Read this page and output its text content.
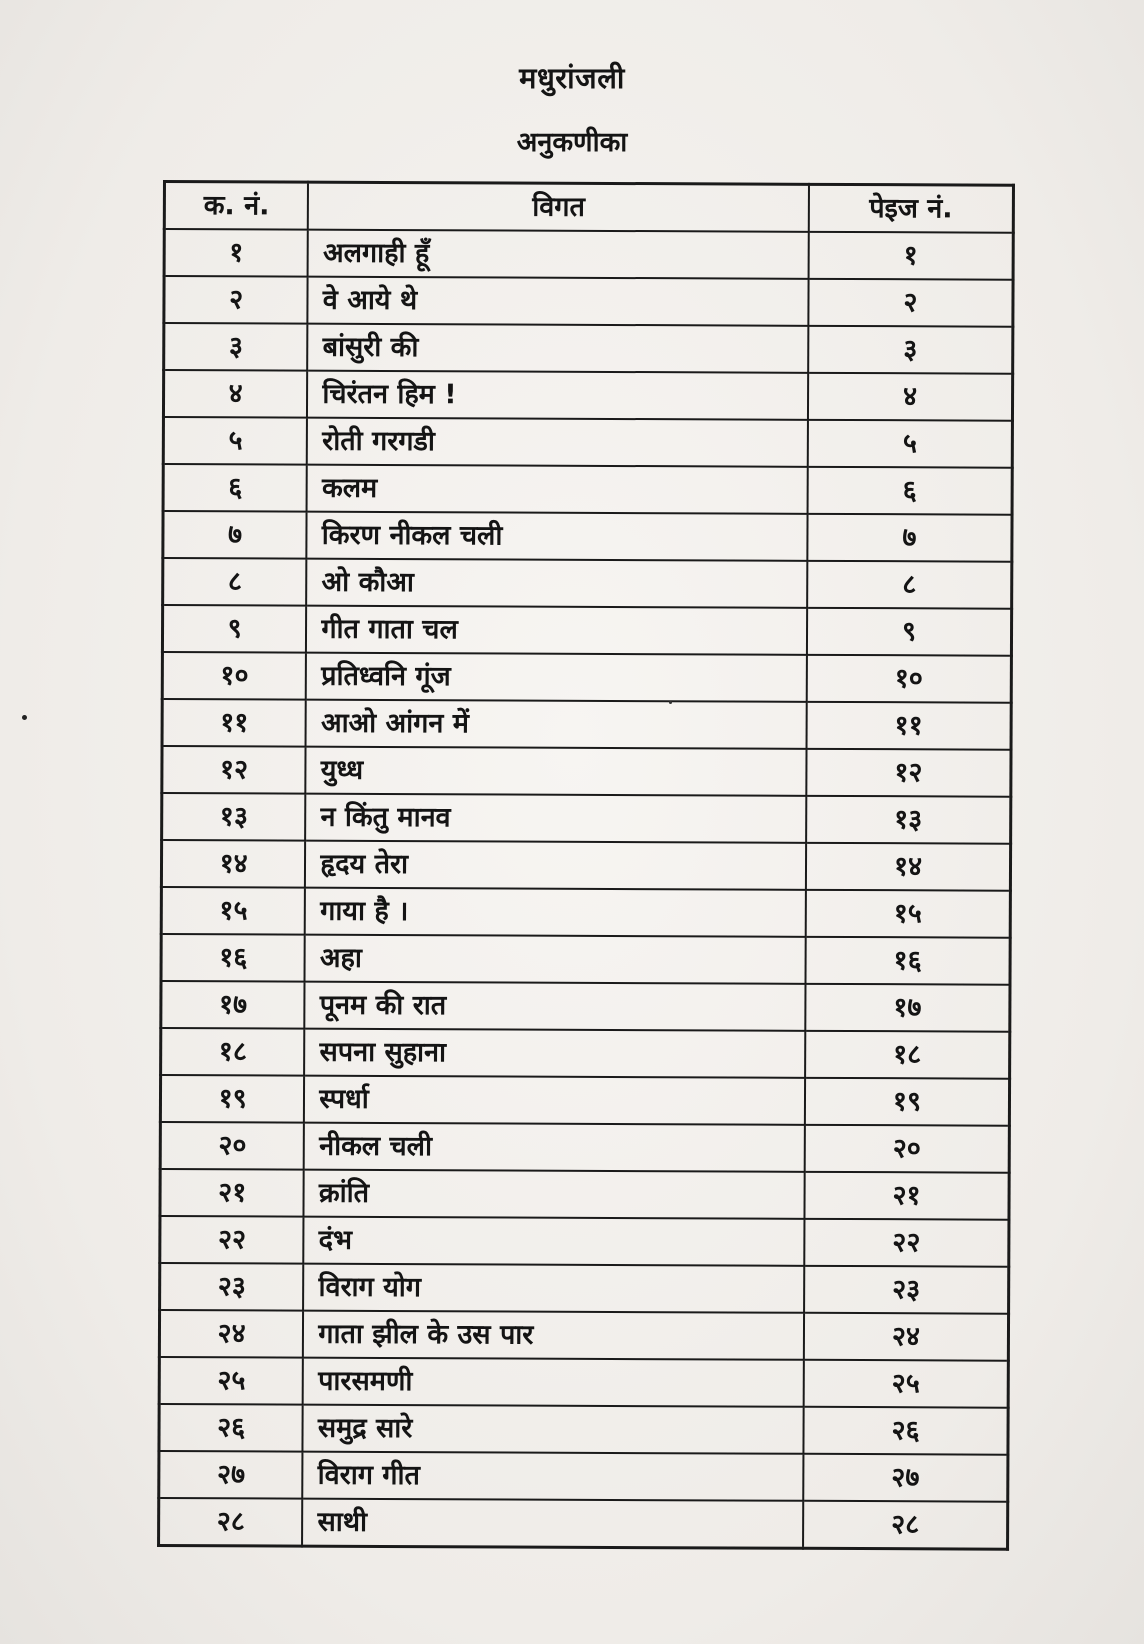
मधुरांजली
अनुकणीका
क. नं.	विगत	पेइज नं.
१	अलगाही हूँ	१
२	वे आये थे	२
३	बांसुरी की	३
४	चिरंतन हिम !	४
५	रोती गरगडी	५
६	कलम	६
७	किरण नीकल चली	७
८	ओ कौआ	८
९	गीत गाता चल	९
१०	प्रतिध्वनि गूंज	१०
११	आओ आंगन में	११
१२	युध्ध	१२
१३	न किंतु मानव	१३
१४	हृदय तेरा	१४
१५	गाया है ।	१५
१६	अहा	१६
१७	पूनम की रात	१७
१८	सपना सुहाना	१८
१९	स्पर्धा	१९
२०	नीकल चली	२०
२१	क्रांति	२१
२२	दंभ	२२
२३	विराग योग	२३
२४	गाता झील के उस पार	२४
२५	पारसमणी	२५
२६	समुद्र सारे	२६
२७	विराग गीत	२७
२८	साथी	२८
